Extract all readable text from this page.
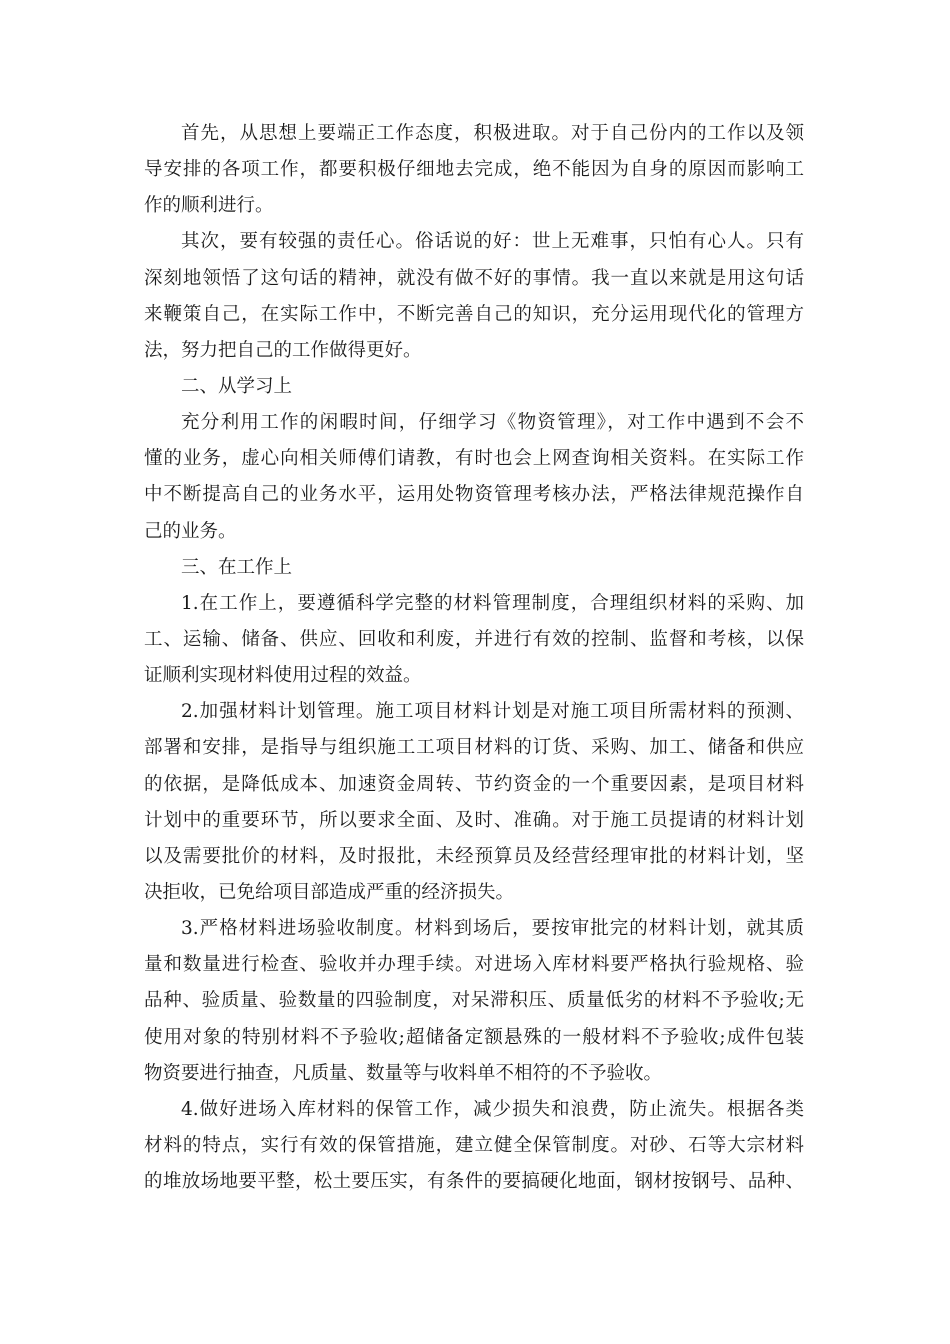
首先，从思想上要端正工作态度，积极进取。对于自己份内的工作以及领
导安排的各项工作，都要积极仔细地去完成，绝不能因为自身的原因而影响工
作的顺利进行。
其次，要有较强的责任心。俗话说的好：世上无难事，只怕有心人。只有
深刻地领悟了这句话的精神，就没有做不好的事情。我一直以来就是用这句话
来鞭策自己，在实际工作中，不断完善自己的知识，充分运用现代化的管理方
法，努力把自己的工作做得更好。
二、从学习上
充分利用工作的闲暇时间，仔细学习《物资管理》，对工作中遇到不会不
懂的业务，虚心向相关师傅们请教，有时也会上网查询相关资料。在实际工作
中不断提高自己的业务水平，运用处物资管理考核办法，严格法律规范操作自
己的业务。
三、在工作上
1.在工作上，要遵循科学完整的材料管理制度，合理组织材料的采购、加
工、运输、储备、供应、回收和利废，并进行有效的控制、监督和考核，以保
证顺利实现材料使用过程的效益。
2.加强材料计划管理。施工项目材料计划是对施工项目所需材料的预测、
部署和安排，是指导与组织施工工项目材料的订货、采购、加工、储备和供应
的依据，是降低成本、加速资金周转、节约资金的一个重要因素，是项目材料
计划中的重要环节，所以要求全面、及时、准确。对于施工员提请的材料计划
以及需要批价的材料，及时报批，未经预算员及经营经理审批的材料计划，坚
决拒收，已免给项目部造成严重的经济损失。
3.严格材料进场验收制度。材料到场后，要按审批完的材料计划，就其质
量和数量进行检查、验收并办理手续。对进场入库材料要严格执行验规格、验
品种、验质量、验数量的四验制度，对呆滞积压、质量低劣的材料不予验收;无
使用对象的特别材料不予验收;超储备定额悬殊的一般材料不予验收;成件包装
物资要进行抽查，凡质量、数量等与收料单不相符的不予验收。
4.做好进场入库材料的保管工作，减少损失和浪费，防止流失。根据各类
材料的特点，实行有效的保管措施，建立健全保管制度。对砂、石等大宗材料
的堆放场地要平整，松土要压实，有条件的要搞硬化地面，钢材按钢号、品种、
